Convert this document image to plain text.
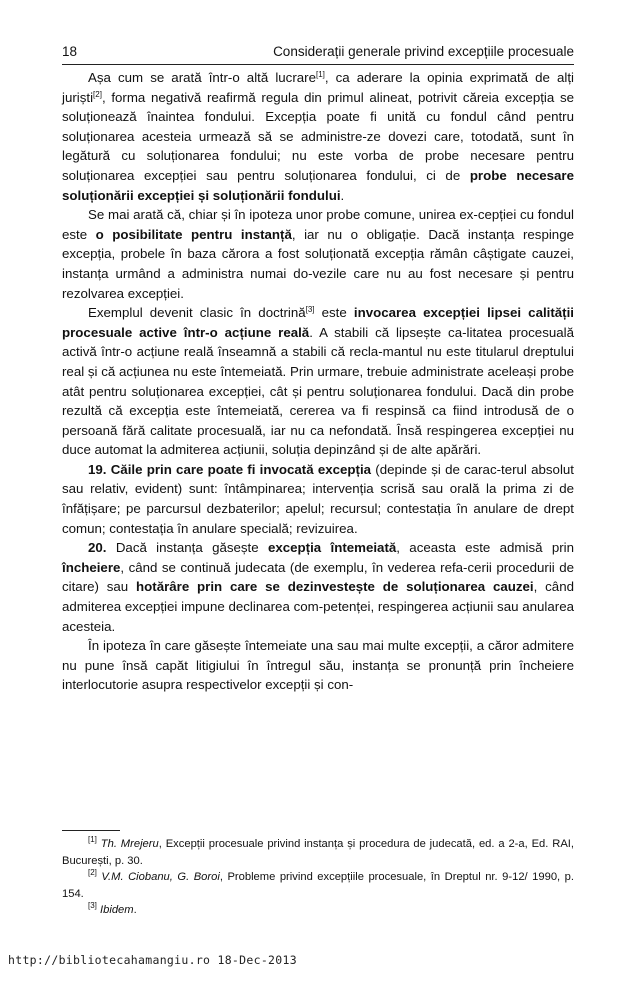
18	Considerații generale privind excepțiile procesuale

Așa cum se arată într-o altă lucrare[1], ca aderare la opinia exprimată de alți juriști[2], forma negativă reafirmă regula din primul alineat, potrivit căreia excepția se soluționează înaintea fondului. Excepția poate fi unită cu fondul când pentru soluționarea acesteia urmează să se administre-ze dovezi care, totodată, sunt în legătură cu soluționarea fondului; nu este vorba de probe necesare pentru soluționarea excepției sau pentru soluționarea fondului, ci de probe necesare soluționării excepției și soluționării fondului.

Se mai arată că, chiar și în ipoteza unor probe comune, unirea ex-cepției cu fondul este o posibilitate pentru instanță, iar nu o obligație. Dacă instanța respinge excepția, probele în baza cărora a fost soluționată excepția rămân câștigate cauzei, instanța urmând a administra numai do-vezile care nu au fost necesare și pentru rezolvarea excepției.

Exemplul devenit clasic în doctrină[3] este invocarea excepției lipsei calității procesuale active într-o acțiune reală. A stabili că lipsește ca-litatea procesuală activă într-o acțiune reală înseamnă a stabili că recla-mantul nu este titularul dreptului real și că acțiunea nu este întemeiată. Prin urmare, trebuie administrate aceleași probe atât pentru soluționarea excepției, cât și pentru soluționarea fondului. Dacă din probe rezultă că excepția este întemeiată, cererea va fi respinsă ca fiind introdusă de o persoană fără calitate procesuală, iar nu ca nefondată. Însă respingerea excepției nu duce automat la admiterea acțiunii, soluția depinzând și de alte apărări.

19. Căile prin care poate fi invocată excepția (depinde și de carac-terul absolut sau relativ, evident) sunt: întâmpinarea; intervenția scrisă sau orală la prima zi de înfățișare; pe parcursul dezbaterilor; apelul; recursul; contestația în anulare de drept comun; contestația în anulare specială; revizuirea.

20. Dacă instanța găsește excepția întemeiată, aceasta este admisă prin încheiere, când se continuă judecata (de exemplu, în vederea refa-cerii procedurii de citare) sau hotărâre prin care se dezinvestește de soluționarea cauzei, când admiterea excepției impune declinarea com-petenței, respingerea acțiunii sau anularea acesteia.

În ipoteza în care găsește întemeiate una sau mai multe excepții, a căror admitere nu pune însă capăt litigiului în întregul său, instanța se pronunță prin încheiere interlocutorie asupra respectivelor excepții și con-

[1] Th. Mrejeru, Excepții procesuale privind instanța și procedura de judecată, ed. a 2-a, Ed. RAI, București, p. 30.

[2] V.M. Ciobanu, G. Boroi, Probleme privind excepțiile procesuale, în Dreptul nr. 9-12/ 1990, p. 154.

[3] Ibidem.

http://bibliotecahamangiu.ro 18-Dec-2013
